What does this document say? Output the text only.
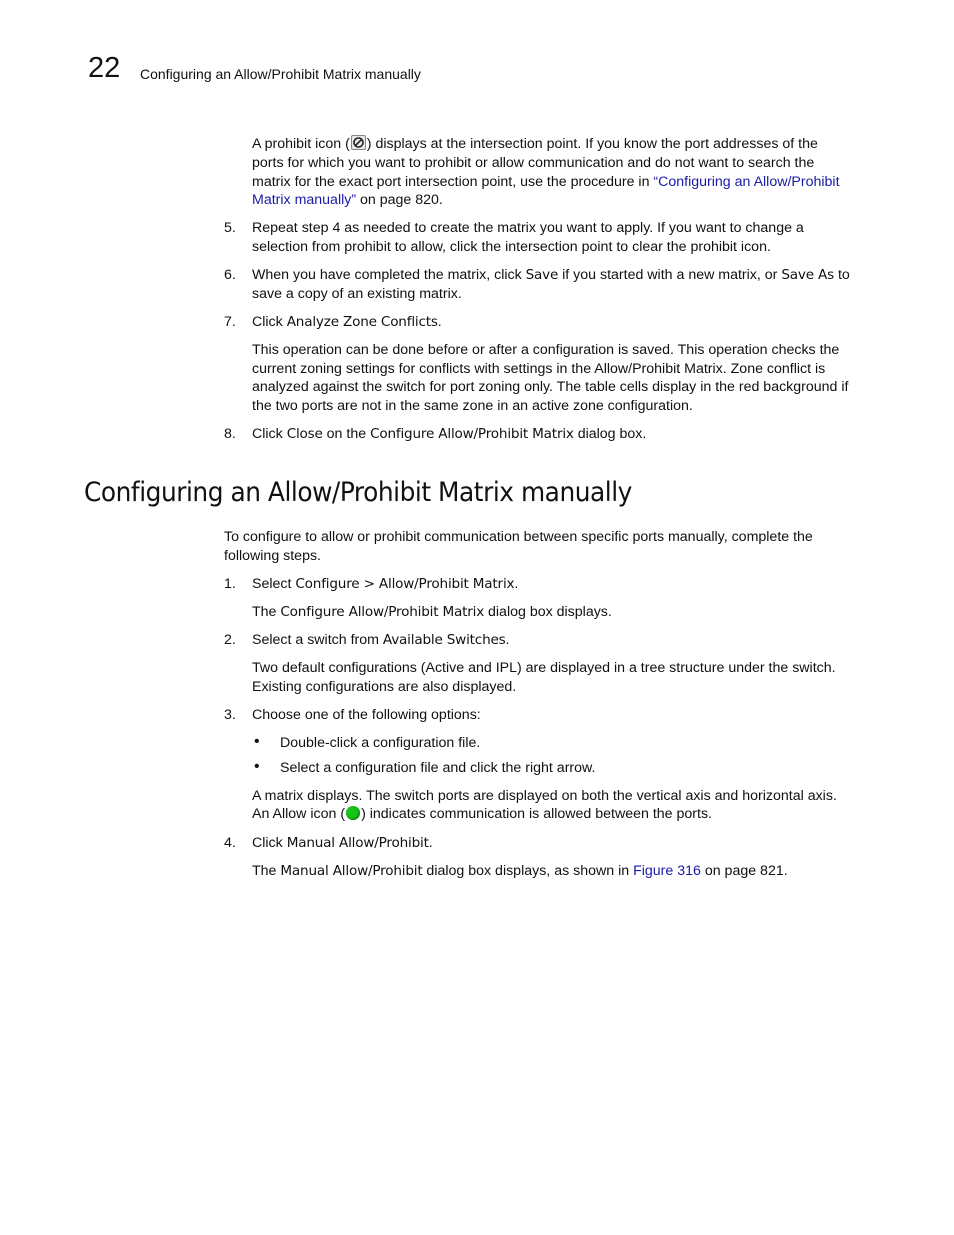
22 Configuring an Allow/Prohibit Matrix manually
A prohibit icon ( ) displays at the intersection point. If you know the port addresses of the
ports for which you want to prohibit or allow communication and do not want to search the
matrix for the exact port intersection point, use the procedure in “Configuring an Allow/Prohibit
Matrix manually” on page 820.
5. Repeat step 4 as needed to create the matrix you want to apply. If you want to change a
selection from prohibit to allow, click the intersection point to clear the prohibit icon.
6. When you have completed the matrix, click Save if you started with a new matrix, or Save As to
save a copy of an existing matrix.
7. Click Analyze Zone Conflicts.
This operation can be done before or after a configuration is saved. This operation checks the
current zoning settings for conflicts with settings in the Allow/Prohibit Matrix. Zone conflict is
analyzed against the switch for port zoning only. The table cells display in the red background if
the two ports are not in the same zone in an active zone configuration.
8. Click Close on the Configure Allow/Prohibit Matrix dialog box.
Configuring an Allow/Prohibit Matrix manually
To configure to allow or prohibit communication between specific ports manually, complete the
following steps.
1. Select Configure > Allow/Prohibit Matrix.
The Configure Allow/Prohibit Matrix dialog box displays.
2. Select a switch from Available Switches.
Two default configurations (Active and IPL) are displayed in a tree structure under the switch.
Existing configurations are also displayed.
3. Choose one of the following options:
• Double-click a configuration file.
• Select a configuration file and click the right arrow.
A matrix displays. The switch ports are displayed on both the vertical axis and horizontal axis.
An Allow icon ( ) indicates communication is allowed between the ports.
4. Click Manual Allow/Prohibit.
The Manual Allow/Prohibit dialog box displays, as shown in Figure 316 on page 821.
